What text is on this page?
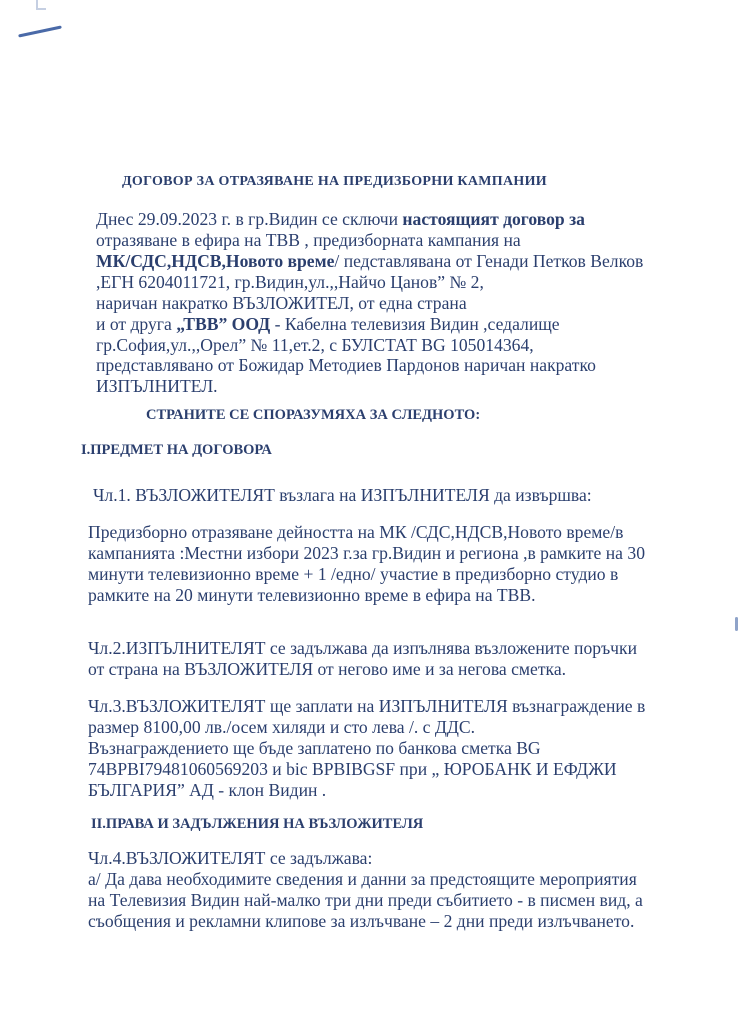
ДОГОВОР ЗА ОТРАЗЯВАНЕ НА ПРЕДИЗБОРНИ КАМПАНИИ
Днес 29.09.2023 г. в гр.Видин се сключи настоящият договор за
отразяване в ефира на ТВВ , предизборната кампания на
МК/СДС,НДСВ,Новото време/ педставлявана от Генади Петков Велков
,ЕГН 6204011721, гр.Видин,ул.,,Найчо Цанов” № 2,
наричан накратко ВЪЗЛОЖИТЕЛ, от една страна
и от друга „ТВВ” ООД - Кабелна телевизия Видин ,седалище
гр.София,ул.,,Орел” № 11,ет.2, с БУЛСТАТ BG 105014364,
представлявано от Божидар Методиев Пардонов наричан накратко
ИЗПЪЛНИТЕЛ.
СТРАНИТЕ СЕ СПОРАЗУМЯХА ЗА СЛЕДНОТО:
I.ПРЕДМЕТ НА ДОГОВОРА
Чл.1. ВЪЗЛОЖИТЕЛЯТ възлага на ИЗПЪЛНИТЕЛЯ да извършва:
Предизборно отразяване дейността на МК /СДС,НДСВ,Новото време/в
кампанията :Местни избори 2023 г.за гр.Видин и региона ,в рамките на 30
минути телевизионно време + 1 /едно/ участие в предизборно студио в
рамките на 20 минути телевизионно време в ефира на ТВВ.
Чл.2.ИЗПЪЛНИТЕЛЯТ се задължава да изпълнява възложените поръчки
от страна на ВЪЗЛОЖИТЕЛЯ от негово име и за негова сметка.
Чл.3.ВЪЗЛОЖИТЕЛЯТ ще заплати на ИЗПЪЛНИТЕЛЯ възнаграждение в
размер 8100,00 лв./осем хиляди и сто лева /. с ДДС.
Възнаграждението ще бъде заплатено по банкова сметка BG
74BPBI79481060569203 и bic BPBIBGSF при „ ЮРОБАНК И ЕФДЖИ
БЪЛГАРИЯ” АД - клон Видин .
II.ПРАВА И ЗАДЪЛЖЕНИЯ НА ВЪЗЛОЖИТЕЛЯ
Чл.4.ВЪЗЛОЖИТЕЛЯТ се задължава:
а/ Да дава необходимите сведения и данни за предстоящите мероприятия
на Телевизия Видин най-малко три дни преди събитието - в писмен вид, а
съобщения и рекламни клипове за излъчване – 2 дни преди излъчването.
